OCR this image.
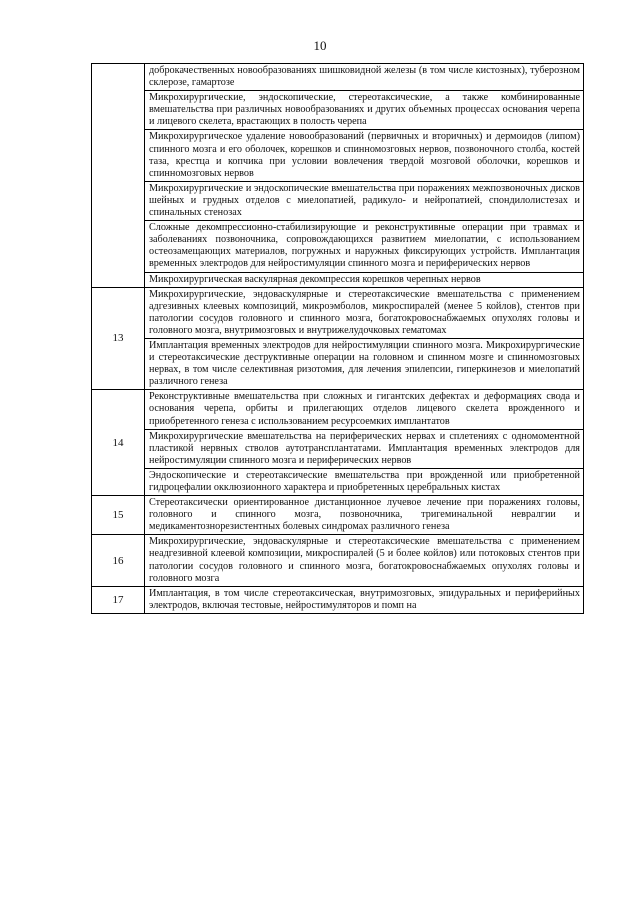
10
	доброкачественных новообразованиях шишковидной железы (в том числе кистозных), туберозном склерозе, гамартозе
	Микрохирургические, эндоскопические, стереотаксические, а также комбинированные вмешательства при различных новообразованиях и других объемных процессах основания черепа и лицевого скелета, врастающих в полость черепа
	Микрохирургическое удаление новообразований (первичных и вторичных) и дермоидов (липом) спинного мозга и его оболочек, корешков и спинномозговых нервов, позвоночного столба, костей таза, крестца и копчика при условии вовлечения твердой мозговой оболочки, корешков и спинномозговых нервов
	Микрохирургические и эндоскопические вмешательства при поражениях межпозвоночных дисков шейных и грудных отделов с миелопатией, радикуло- и нейропатией, спондилолистезах и спинальных стенозах
	Сложные декомпрессионно-стабилизирующие и реконструктивные операции при травмах и заболеваниях позвоночника, сопровождающихся развитием миелопатии, с использованием остеозамещающих материалов, погружных и наружных фиксирующих устройств. Имплантация временных электродов для нейростимуляции спинного мозга и периферических нервов
	Микрохирургическая васкулярная декомпрессия корешков черепных нервов
13	Микрохирургические, эндоваскулярные и стереотаксические вмешательства с применением адгезивных клеевых композиций, микроэмболов, микроспиралей (менее 5 койлов), стентов при патологии сосудов головного и спинного мозга, богатокровоснабжаемых опухолях головы и головного мозга, внутримозговых и внутрижелудочковых гематомах
	Имплантация временных электродов для нейростимуляции спинного мозга. Микрохирургические и стереотаксические деструктивные операции на головном и спинном мозге и спинномозговых нервах, в том числе селективная ризотомия, для лечения эпилепсии, гиперкинезов и миелопатий различного генеза
14	Реконструктивные вмешательства при сложных и гигантских дефектах и деформациях свода и основания черепа, орбиты и прилегающих отделов лицевого скелета врожденного и приобретенного генеза с использованием ресурсоемких имплантатов
	Микрохирургические вмешательства на периферических нервах и сплетениях с одномоментной пластикой нервных стволов аутотрансплантатами. Имплантация временных электродов для нейростимуляции спинного мозга и периферических нервов
	Эндоскопические и стереотаксические вмешательства при врожденной или приобретенной гидроцефалии окклюзионного характера и приобретенных церебральных кистах
15	Стереотаксически ориентированное дистанционное лучевое лечение при поражениях головы, головного и спинного мозга, позвоночника, тригеминальной невралгии и медикаментознорезистентных болевых синдромах различного генеза
16	Микрохирургические, эндоваскулярные и стереотаксические вмешательства с применением неадгезивной клеевой композиции, микроспиралей (5 и более койлов) или потоковых стентов при патологии сосудов головного и спинного мозга, богатокровоснабжаемых опухолях головы и головного мозга
17	Имплантация, в том числе стереотаксическая, внутримозговых, эпидуральных и периферийных электродов, включая тестовые, нейростимуляторов и помп на
